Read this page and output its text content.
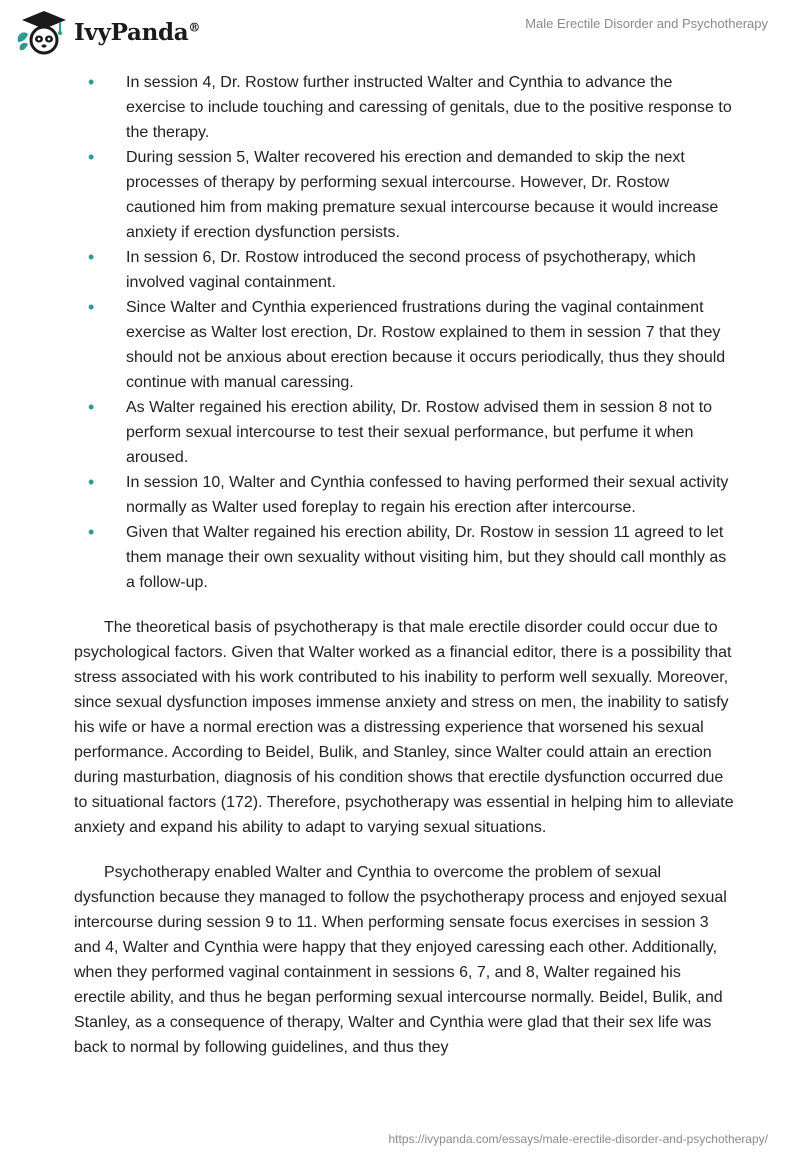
IvyPanda®	Male Erectile Disorder and Psychotherapy
• In session 4, Dr. Rostow further instructed Walter and Cynthia to advance the exercise to include touching and caressing of genitals, due to the positive response to the therapy.
• During session 5, Walter recovered his erection and demanded to skip the next processes of therapy by performing sexual intercourse. However, Dr. Rostow cautioned him from making premature sexual intercourse because it would increase anxiety if erection dysfunction persists.
• In session 6, Dr. Rostow introduced the second process of psychotherapy, which involved vaginal containment.
• Since Walter and Cynthia experienced frustrations during the vaginal containment exercise as Walter lost erection, Dr. Rostow explained to them in session 7 that they should not be anxious about erection because it occurs periodically, thus they should continue with manual caressing.
• As Walter regained his erection ability, Dr. Rostow advised them in session 8 not to perform sexual intercourse to test their sexual performance, but perfume it when aroused.
• In session 10, Walter and Cynthia confessed to having performed their sexual activity normally as Walter used foreplay to regain his erection after intercourse.
• Given that Walter regained his erection ability, Dr. Rostow in session 11 agreed to let them manage their own sexuality without visiting him, but they should call monthly as a follow-up.

The theoretical basis of psychotherapy is that male erectile disorder could occur due to psychological factors. Given that Walter worked as a financial editor, there is a possibility that stress associated with his work contributed to his inability to perform well sexually. Moreover, since sexual dysfunction imposes immense anxiety and stress on men, the inability to satisfy his wife or have a normal erection was a distressing experience that worsened his sexual performance. According to Beidel, Bulik, and Stanley, since Walter could attain an erection during masturbation, diagnosis of his condition shows that erectile dysfunction occurred due to situational factors (172). Therefore, psychotherapy was essential in helping him to alleviate anxiety and expand his ability to adapt to varying sexual situations.

Psychotherapy enabled Walter and Cynthia to overcome the problem of sexual dysfunction because they managed to follow the psychotherapy process and enjoyed sexual intercourse during session 9 to 11. When performing sensate focus exercises in session 3 and 4, Walter and Cynthia were happy that they enjoyed caressing each other. Additionally, when they performed vaginal containment in sessions 6, 7, and 8, Walter regained his erectile ability, and thus he began performing sexual intercourse normally. Beidel, Bulik, and Stanley, as a consequence of therapy, Walter and Cynthia were glad that their sex life was back to normal by following guidelines, and thus they

https://ivypanda.com/essays/male-erectile-disorder-and-psychotherapy/
